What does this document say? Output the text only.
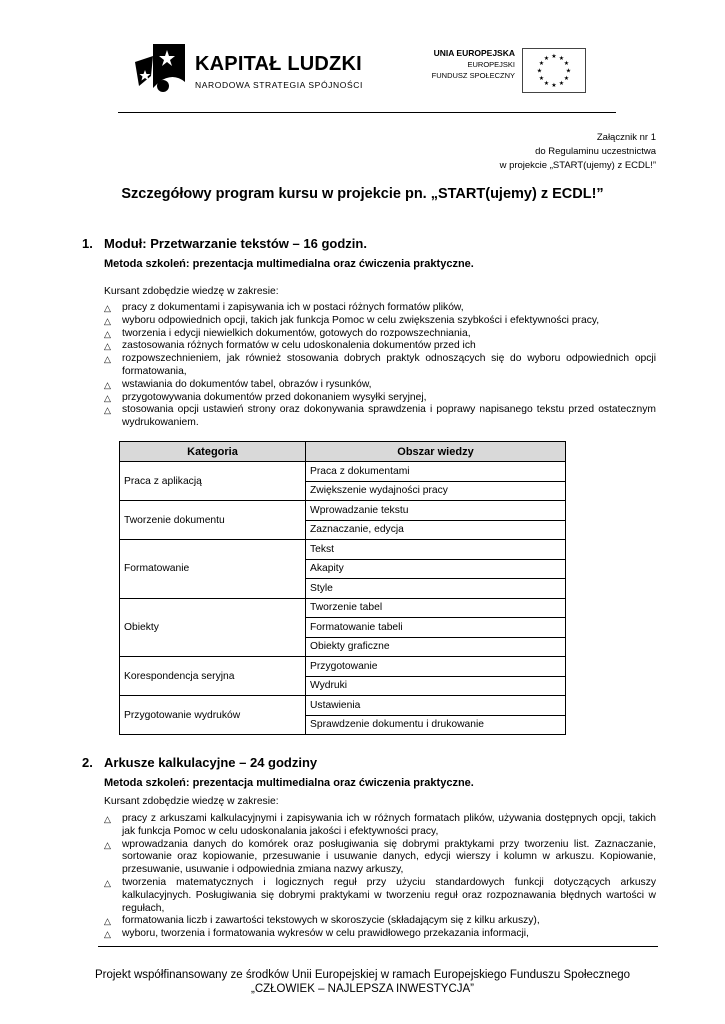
KAPITAŁ LUDZKI
NARODOWA STRATEGIA SPÓJNOŚCI
UNIA EUROPEJSKA
EUROPEJSKI
FUNDUSZ SPOŁECZNY
★ ★
★
★
★
★
★
★
★
★
★
★
Załącznik nr 1
do Regulaminu uczestnictwa
w projekcie „START(ujemy) z ECDL!”
Szczegółowy program kursu w projekcie pn. „START(ujemy) z ECDL!”
1. Moduł: Przetwarzanie tekstów – 16 godzin.
Metoda szkoleń: prezentacja multimedialna oraz ćwiczenia praktyczne.
Kursant zdobędzie wiedzę w zakresie:
△ pracy z dokumentami i zapisywania ich w postaci różnych formatów plików,
△ wyboru odpowiednich opcji, takich jak funkcja Pomoc w celu zwiększenia szybkości i efektywności pracy,
△ tworzenia i edycji niewielkich dokumentów, gotowych do rozpowszechniania,
△ zastosowania różnych formatów w celu udoskonalenia dokumentów przed ich
△ rozpowszechnieniem, jak również stosowania dobrych praktyk odnoszących się do wyboru odpowiednich opcji formatowania,
△ wstawiania do dokumentów tabel, obrazów i rysunków,
△ przygotowywania dokumentów przed dokonaniem wysyłki seryjnej,
△ stosowania opcji ustawień strony oraz dokonywania sprawdzenia i poprawy napisanego tekstu przed ostatecznym wydrukowaniem.
Kategoria	Obszar wiedzy
Praca z aplikacją	Praca z dokumentami
	Zwiększenie wydajności pracy
Tworzenie dokumentu	Wprowadzanie tekstu
	Zaznaczanie, edycja
Formatowanie	Tekst
	Akapity
	Style
Obiekty	Tworzenie tabel
	Formatowanie tabeli
	Obiekty graficzne
Korespondencja seryjna	Przygotowanie
	Wydruki
Przygotowanie wydruków	Ustawienia
	Sprawdzenie dokumentu i drukowanie
2. Arkusze kalkulacyjne – 24 godziny
Metoda szkoleń: prezentacja multimedialna oraz ćwiczenia praktyczne.
Kursant zdobędzie wiedzę w zakresie:
△ pracy z arkuszami kalkulacyjnymi i zapisywania ich w różnych formatach plików, używania dostępnych opcji, takich jak funkcja Pomoc w celu udoskonalania jakości i efektywności pracy,
△ wprowadzania danych do komórek oraz posługiwania się dobrymi praktykami przy tworzeniu list. Zaznaczanie, sortowanie oraz kopiowanie, przesuwanie i usuwanie danych, edycji wierszy i kolumn w arkuszu. Kopiowanie, przesuwanie, usuwanie i odpowiednia zmiana nazwy arkuszy,
△ tworzenia matematycznych i logicznych reguł przy użyciu standardowych funkcji dotyczących arkuszy kalkulacyjnych. Posługiwania się dobrymi praktykami w tworzeniu reguł oraz rozpoznawania błędnych wartości w regułach,
△ formatowania liczb i zawartości tekstowych w skoroszycie (składającym się z kilku arkuszy),
△ wyboru, tworzenia i formatowania wykresów w celu prawidłowego przekazania informacji,
Projekt współfinansowany ze środków Unii Europejskiej w ramach Europejskiego Funduszu Społecznego
„CZŁOWIEK – NAJLEPSZA INWESTYCJA”
